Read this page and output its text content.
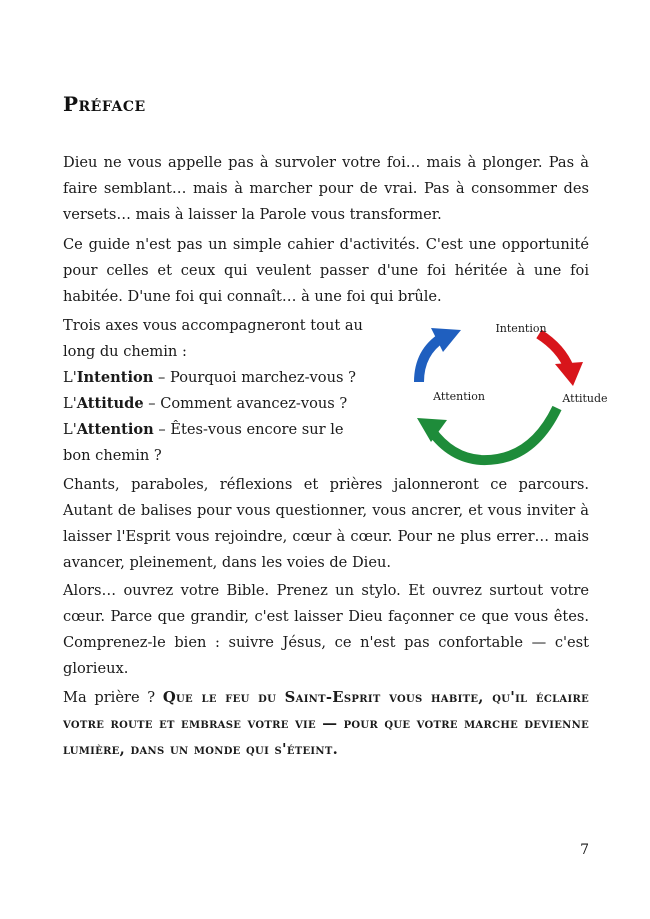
Préface

Dieu ne vous appelle pas à survoler votre foi… mais à plonger. Pas à faire semblant… mais à marcher pour de vrai. Pas à consommer des versets… mais à laisser la Parole vous transformer.

Ce guide n'est pas un simple cahier d'activités. C'est une opportunité pour celles et ceux qui veulent passer d'une foi héritée à une foi habitée. D'une foi qui connaît… à une foi qui brûle.

Trois axes vous accompagneront tout au long du chemin :
L'Intention – Pourquoi marchez-vous ?
L'Attitude – Comment avancez-vous ?
L'Attention – Êtes-vous encore sur le bon chemin ?
Intention
Attitude
Attention

Chants, paraboles, réflexions et prières jalonneront ce parcours. Autant de balises pour vous questionner, vous ancrer, et vous inviter à laisser l'Esprit vous rejoindre, cœur à cœur. Pour ne plus errer… mais avancer, pleinement, dans les voies de Dieu.

Alors… ouvrez votre Bible. Prenez un stylo. Et ouvrez surtout votre cœur. Parce que grandir, c'est laisser Dieu façonner ce que vous êtes. Comprenez-le bien : suivre Jésus, ce n'est pas confortable — c'est glorieux.

Ma prière ? Que le feu du Saint-Esprit vous habite, qu'il éclaire votre route et embrase votre vie — pour que votre marche devienne lumière, dans un monde qui s'éteint.

7
